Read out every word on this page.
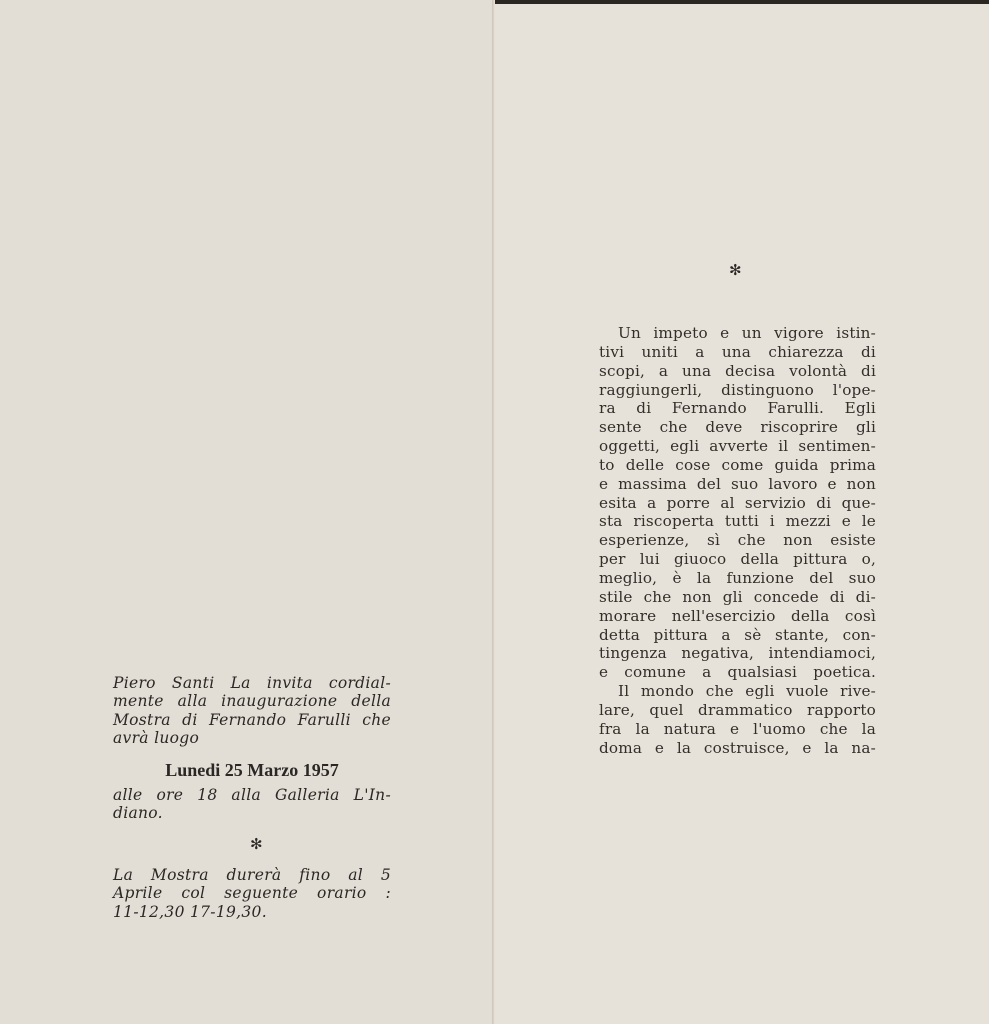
Piero Santi La invita cordial-
mente alla inaugurazione della
Mostra di Fernando Farulli che
avrà luogo
Lunedi 25 Marzo 1957
alle ore 18 alla Galleria L'In-
diano.
✻
La Mostra durerà fino al 5
Aprile col seguente orario :
11-12,30 17-19,30.
✻
Un impeto e un vigore istin-
tivi uniti a una chiarezza di
scopi, a una decisa volontà di
raggiungerli, distinguono l'ope-
ra di Fernando Farulli. Egli
sente che deve riscoprire gli
oggetti, egli avverte il sentimen-
to delle cose come guida prima
e massima del suo lavoro e non
esita a porre al servizio di que-
sta riscoperta tutti i mezzi e le
esperienze, sì che non esiste
per lui giuoco della pittura o,
meglio, è la funzione del suo
stile che non gli concede di di-
morare nell'esercizio della così
detta pittura a sè stante, con-
tingenza negativa, intendiamoci,
e comune a qualsiasi poetica.
Il mondo che egli vuole rive-
lare, quel drammatico rapporto
fra la natura e l'uomo che la
doma e la costruisce, e la na-
